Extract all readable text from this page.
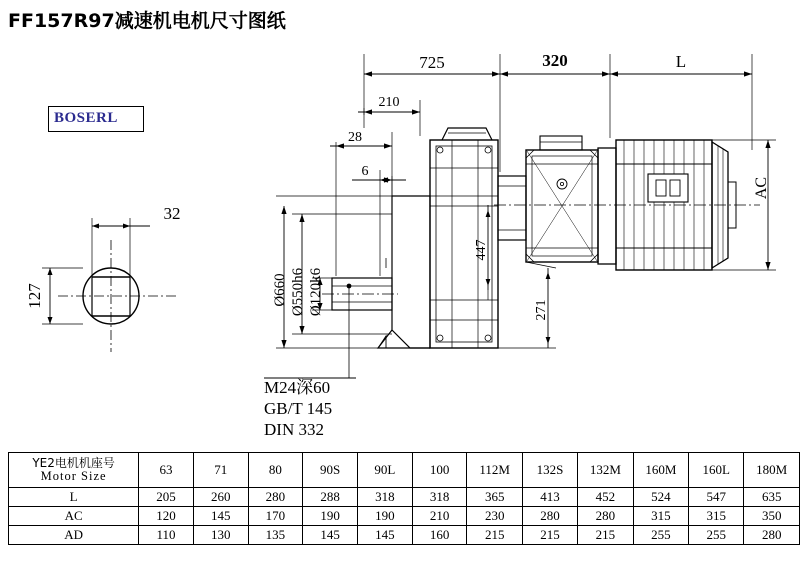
FF157R97减速机电机尺寸图纸
BOSERL
725	320	L
210
28
6
32
127	Ø660 Ø550h6 Ø120k6
447
271
AC
M24深60
GB/T 145
DIN 332
YE2电机机座号
Motor Size	63	71	80	90S	90L	100	112M	132S	132M	160M	160L	180M
L	205	260	280	288	318	318	365	413	452	524	547	635
AC	120	145	170	190	190	210	230	280	280	315	315	350
AD	110	130	135	145	145	160	215	215	215	255	255	280
